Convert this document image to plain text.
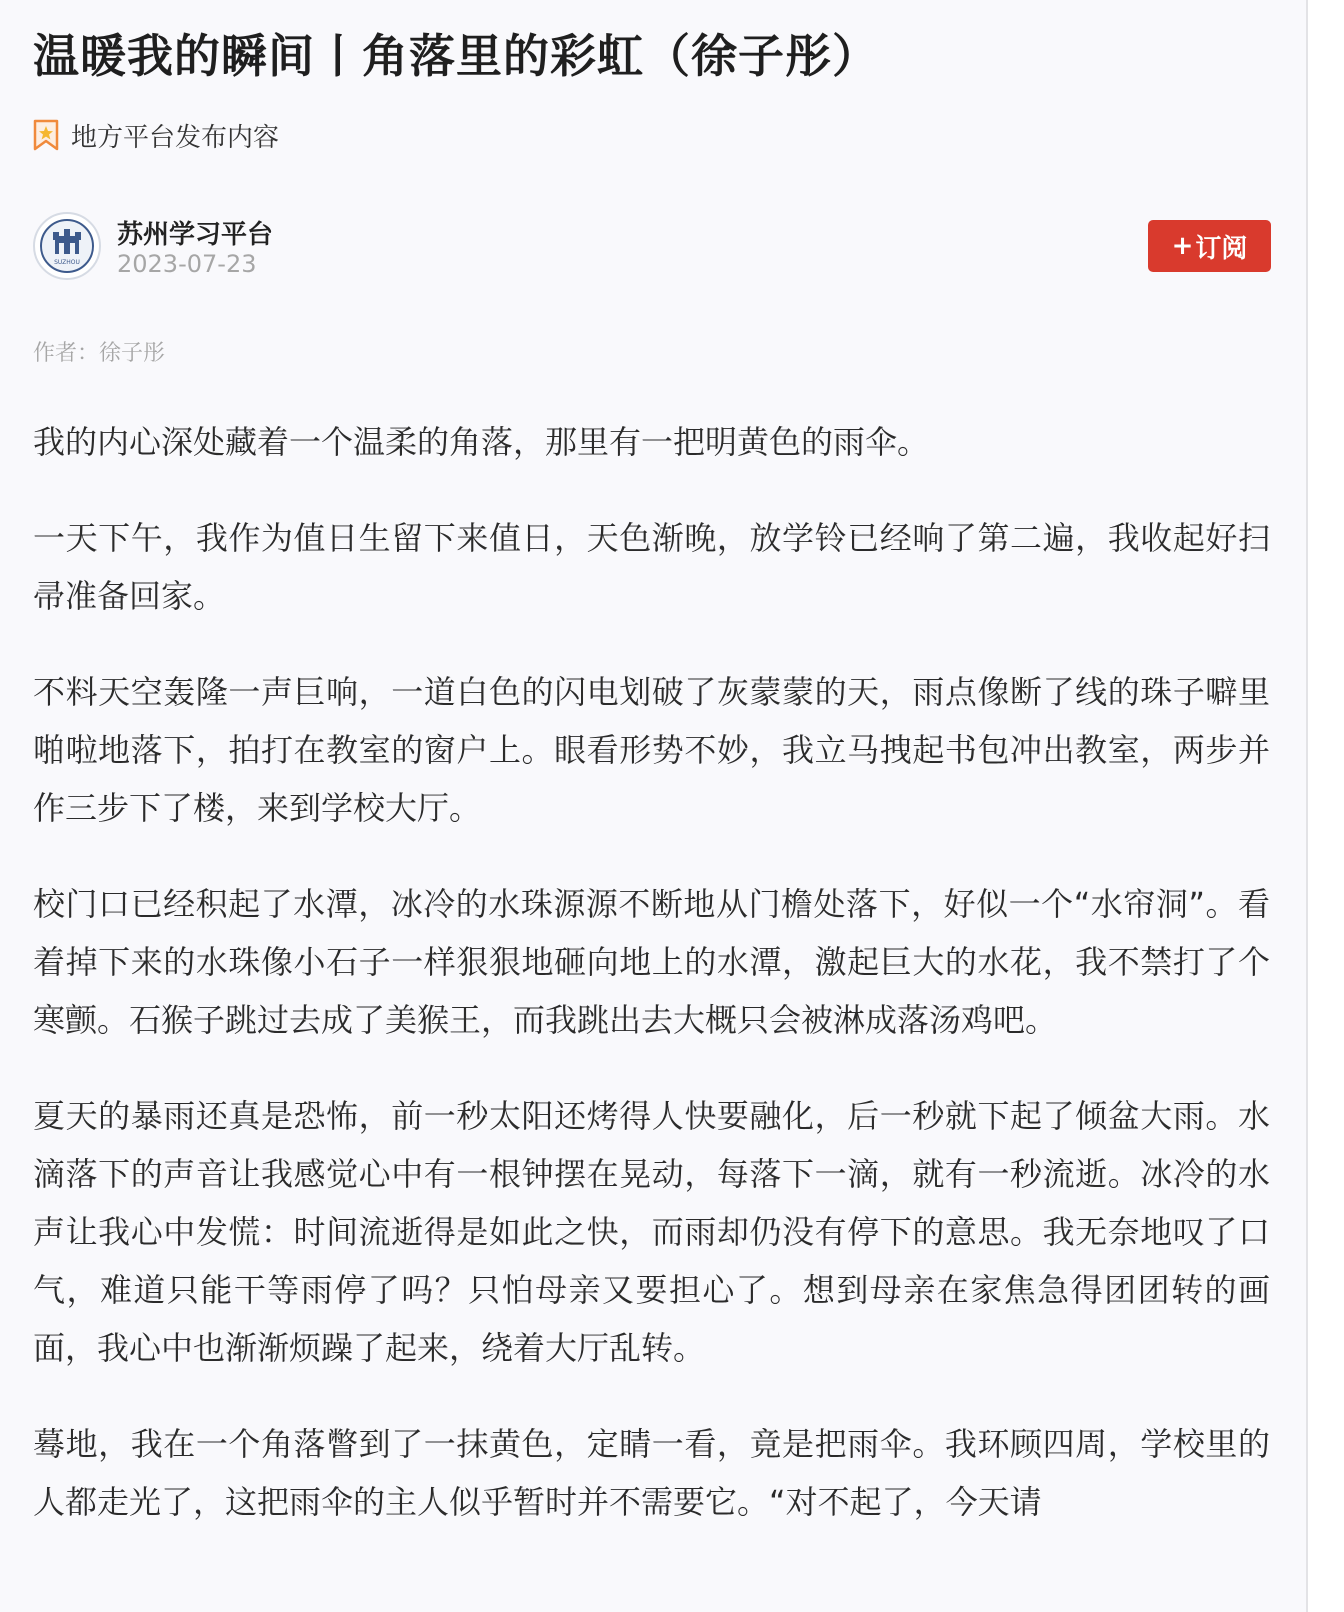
温暖我的瞬间丨角落里的彩虹（徐子彤）
地方平台发布内容
SUZHOU
苏州学习平台
2023-07-23
+ 订阅
作者：徐子彤

我的内心深处藏着一个温柔的角落，那里有一把明黄色的雨伞。

一天下午，我作为值日生留下来值日，天色渐晚，放学铃已经响了第二遍，我收起好扫帚准备回家。

不料天空轰隆一声巨响，一道白色的闪电划破了灰蒙蒙的天，雨点像断了线的珠子噼里啪啦地落下，拍打在教室的窗户上。眼看形势不妙，我立马拽起书包冲出教室，两步并作三步下了楼，来到学校大厅。

校门口已经积起了水潭，冰冷的水珠源源不断地从门檐处落下，好似一个“水帘洞”。看着掉下来的水珠像小石子一样狠狠地砸向地上的水潭，激起巨大的水花，我不禁打了个寒颤。石猴子跳过去成了美猴王，而我跳出去大概只会被淋成落汤鸡吧。

夏天的暴雨还真是恐怖，前一秒太阳还烤得人快要融化，后一秒就下起了倾盆大雨。水滴落下的声音让我感觉心中有一根钟摆在晃动，每落下一滴，就有一秒流逝。冰冷的水声让我心中发慌：时间流逝得是如此之快，而雨却仍没有停下的意思。我无奈地叹了口气，难道只能干等雨停了吗？只怕母亲又要担心了。想到母亲在家焦急得团团转的画面，我心中也渐渐烦躁了起来，绕着大厅乱转。

蓦地，我在一个角落瞥到了一抹黄色，定睛一看，竟是把雨伞。我环顾四周，学校里的人都走光了，这把雨伞的主人似乎暂时并不需要它。“对不起了，今天请
